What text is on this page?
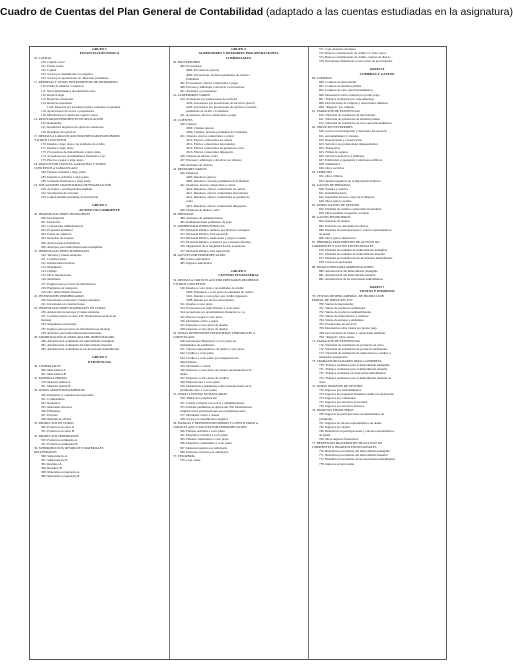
Cuadro de Cuentas del Plan General de Contabilidad (adaptado a las cuentas estudiadas en la asignatura)
GRUPO 1
FINANCIACIÓN BÁSICA
10. CAPITAL
100. Capital social
101. Fondo social
102. Capital
103. Socios por desembolsos no exigidos
104. Socios por aportaciones no dinerarias pendientes
11. RESERVAS Y OTROS INSTRUMENTOS DE PATRIMONIO
110. Prima de emisión o asunción
111. Otros instrumentos de patrimonio neto
112. Reserva legal
113. Reservas voluntarias
114. Reservas especiales
1144. Reservas por acciones propias aceptadas en garantía
118. Aportaciones de socios o propietarios
119. Diferencias por ajuste del capital a euros
12. RESULTADOS PENDIENTES DE APLICACIÓN
120. Remanente
121. Resultados negativos de ejercicios anteriores
129. Resultado del ejercicio
17. DEUDAS A LARGO PLAZO POR PRÉSTAMOS RECIBIDOS
Y OTROS CONCEPTOS
170. Deudas a largo plazo con entidades de crédito
171. Deudas a largo plazo
173. Proveedores de inmovilizado a largo plazo
174. Acreedores por arrendamiento financiero a l.p.
175. Efectos a pagar a largo plazo
18. PASIVOS POR FIANZAS, GARANTÍAS Y OTROS
CONCEPTOS A LARGO PLAZO
180. Fianzas recibidas a largo plazo
185. Depósitos recibidos a largo plazo
189. Garantías financieras a largo plazo
19. SITUACIONES TRANSITORIAS DE FINANCIACIÓN
190. Acciones o participaciones emitidas
192. Suscriptores de acciones
194. Capital emitido pendiente de inscripción
GRUPO 2
ACTIVO NO CORRIENTE
20. INMOVILIZACIONES INTANGIBLES
200. Investigación
201. Desarrollo
202. Concesiones administrativas
203. Propiedad industrial
204. Fondo de comercio
205. Derechos de traspaso
206. Aplicaciones informáticas
209. Anticipos para inmovilizaciones intangibles
21. INMOVILIZACIONES MATERIALES
210. Terrenos y bienes naturales
211. Construcciones
212. Instalaciones técnicas
213. Maquinaria
214. Utillaje
215. Otras instalaciones
216. Mobiliario
217. Equipos para procesos de información
218. Elementos de transporte
219. Otro inmovilizado material
22. INVERSIONES INMOBILIARIAS
220. Inversiones en terrenos y bienes naturales
221. Inversiones en construcciones
23. INMOVILIZACIONES MATERIALES EN CURSO
230. Adaptación de terrenos y bienes naturales
231. Construcciones en curso 232. Instalaciones técnicas en
montaje
233. Maquinaria en montaje
237. Equipos para procesos de información en montaje
239. Anticipos para inmovilizaciones materiales
28. AMORTIZACIÓN ACUMULADA DEL INMOVILIZADO
280. Amortización acumulada del inmovilizado intangible
281. Amortización acumulada del inmovilizado material
282. Amortización acumulada de las inversiones inmobiliarias
GRUPO 3
EXISTENCIAS
30. COMERCIALES
300. Mercaderías A
301. Mercaderías B
31. MATERIAS PRIMAS
310. Materias primas A
311. Materias primas B
32. OTROS APROVISIONAMIENTOS
320. Elementos y conjuntos incorporables
321. Combustibles
322. Repuestos
325. Materiales diversos
326. Embalajes
327. Envases
328. Material de oficina
33. PRODUCTOS EN CURSO
330. Productos en curso A
331. Productos en curso B
35. PRODUCTOS TERMINADOS
350. Productos terminados A
351. Productos terminados B
36. SUBPRODUCTOS, RESIDUOS Y MATERIALES
RECUPERADOS
360. Subproductos A
361. Subproductos B
365. Residuos A
366. Residuos B
368. Materiales recuperados A
369. Materiales recuperados B
GRUPO 4
ACREEDORES Y DEUDORES POR OPERACIONES
COMERCIALES
40. PROVEEDORES
400. Proveedores
4000. Proveedores (euros)
4009. Proveedores, facturas pendientes de recibir o
formalizar
401. Proveedores, efectos comerciales a pagar
406. Envases y embalajes a devolver a proveedores
407. Anticipos a proveedores
41. ACREEDORES VARIOS
410. Acreedores por prestaciones de servicios
4100. Acreedores por prestaciones de servicios (euros)
4109. Acreedores por prestaciones de servicios, facturas
pendientes de recibir o formalizar
411. Acreedores, efectos comerciales a pagar
43. CLIENTES
430. Clientes
4300. Clientes (euros)
4309. Clientes, facturas pendientes de formalizar
431. Clientes, efectos comerciales a cobrar
4310. Efectos comerciales en cartera
4311. Efectos comerciales descontados
4312. Efectos comerciales en gestión de cobro
4315. Efectos comerciales impagados
436. Clientes de dudoso cobro
437. Envases y embalajes a devolver por clientes
438. Anticipos de clientes
44. DEUDORES VARIOS
440. Deudores
4400. Deudores (euros)
4409. Deudores, facturas pendientes de formalizar
441. Deudores, efectos comerciales a cobrar
4410. Deudores, efectos comerciales en cartera
4411. Deudores, efectos comerciales descontados
4412. Deudores, efectos comerciales en gestión de
cobro
4415. Deudores, efectos comerciales impagados
446. Deudores de dudoso cobro
46. PERSONAL
460. Anticipos de remuneraciones
465. Remuneraciones pendientes de pago
47. ADMINISTRACIONES PÚBLICAS
470. Hacienda Pública, deudora por diversos conceptos
472. Hacienda Pública, IVA soportado
473. Hacienda Pública, retenciones y pagos a cuenta
475. Hacienda Pública, acreedora por conceptos fiscales
476. Organismos de la Seguridad Social, acreedores
477. Hacienda Pública, IVA repercutido
48. AJUSTES POR PERIODIFICACIÓN
480. Gastos anticipados
485. Ingresos anticipados
GRUPO 5
CUENTAS FINANCIERAS
52. DEUDAS A CORTO PLAZO POR PRÉSTAMOS RECIBIDOS
Y OTROS CONCEPTOS
520. Deudas a corto plazo con entidades de crédito
5200. Préstamos a corto plazo de entidades de crédito
5201. Deudas a corto plazo por crédito dispuesto
5208. Deudas por efectos descontados
521. Deudas a corto plazo
523. Proveedores de inmovilizado a corto plazo
524. Acreedores por arrendamiento financiero a c.p.
525. Efectos a pagar a corto plazo
526. Dividendo activo a pagar
527. Intereses a corto plazo de deudas
528. Intereses a corto plazo de deudas
54. OTRAS INVERSIONES FINANCIERAS TEMPORALES A
CORTO PLAZO
540. Inversiones financieras a corto plazo en
instrumentos de patrimonio
541. Valores representativos de deuda a corto plazo
542. Créditos a corto plazo
543. Créditos a corto plazo por enajenación de
inmovilizado
545. Dividendo a cobrar
546. Intereses a corto plazo de valores representativos de
deuda
547. Intereses a corto plazo de créditos
548. Imposiciones a corto plazo
549. Desembolsos pendientes sobre participaciones en el
patrimonio neto a corto plazo
55. OTRAS CUENTAS NO BANCARIAS
550. Titular de la explotación
551. Cuenta corriente con socios y administradores
555. Partidas pendientes de aplicación 556. Desembolsos
exigidos sobre participaciones en el patrimonio neto
557. Dividendo activo a cuenta
558. Socios por desembolsos exigidos
56. FIANZAS Y DEPÓSITOS RECIBIDOS Y CONSTITUIDOS A
CORTO PLAZO, Y AJUSTES POR PERIODIFICACIÓN
560. Fianzas recibidas a corto plazo
561. Depósitos recibidos a corto plazo
565. Fianzas constituidas a corto plazo
566. Depósitos constituidos a corto plazo
567. Intereses pagados por anticipado
568. Intereses cobrados por anticipado
57. TESORERÍA
570. Caja, euros
571. Caja, moneda extranjera
572. Bancos e instituciones de crédito c/c vista, euros
574. Bancos e instituciones de crédito, cuentas de ahorro
576. Inversiones financieras a corto plazo de gran liquidez
GRUPO 6
COMPRAS Y GASTOS
60. COMPRAS
600. Compras de mercaderías
601. Compras de materias primas
602. Compras de otros aprovisionamientos
606. Descuentos sobre compras por pronto pago
607. Trabajos realizados por otras empresas
608. Devoluciones de compras y operaciones similares
609. "Rappels" por compras
61. VARIACIÓN DE EXISTENCIAS
610. Variación de existencias de mercaderías
611. Variación de existencias de materias primas
612. Variación de existencias de otros aprovisionamientos
62. SERVICIOS EXTERIORES
620. Gastos en investigación y desarrollo del ejercicio
621. Arrendamientos y cánones
622. Reparaciones y conservación
623. Servicios de profesionales independientes
624. Transportes
625. Primas de seguros
626. Servicios bancarios y similares
627. Publicidad, propaganda y relaciones públicas
628. Suministros
629. Otros servicios
63. TRIBUTOS
631. Otros tributos
634. Ajustes negativos en la imposición indirecta
64. GASTOS DE PERSONAL
640. Sueldos y salarios
641. Indemnizaciones
642. Seguridad Social a cargo de la empresa
649. Otros gastos sociales
65. OTROS GASTOS DE GESTIÓN
650. Pérdidas de créditos comerciales incobrables
659. Otras pérdidas en gestión corriente
66. GASTOS FINANCIEROS
662. Intereses de deudas
665. Intereses por descuento de efectos
666. Pérdidas en participaciones y valores representativos
de deuda
669. Otros gastos financieros
67. PÉRDIDAS PROCEDENTES DE ACTIVOS NO
CORRIENTES Y GASTOS EXCEPCIONALES
670. Pérdidas procedentes del inmovilizado intangible
671. Pérdidas procedentes del inmovilizado material
672. Pérdidas procedentes de las inversiones inmobiliarias
678. Gastos excepcionales
68. DOTACIONES PARA AMORTIZACIONES
680. Amortización del inmovilizado intangible
681. Amortización del inmovilizado material
682. Amortización de las inversiones inmobiliarias
GRUPO 7
VENTAS E INGRESOS
70. VENTAS DE MERCADERÍAS, DE PRODUCCIÓN
PROPIA, DE SERVICIOS, ETC
700. Ventas de mercaderías
701. Ventas de productos terminados
702. Ventas de productos semiterminados
703. Ventas de subproductos y residuos
704. Ventas de envases y embalajes
705. Prestaciones de servicios
706. Descuentos sobre ventas por pronto pago
708. Devoluciones de ventas y operaciones similares
709. "Rappels" sobre ventas
71. VARIACIÓN DE EXISTENCIAS
710. Variación de existencias de productos en curso
712. Variación de existencias de productos terminados
713. Variación de existencias de subproductos, residuos y
materiales recuperados
73. TRABAJOS REALIZADOS PARA LA EMPRESA
730. Trabajos realizados para el inmovilizado intangible
731. Trabajos realizados para el inmovilizado material
732. Trabajos realizados en inversiones inmobiliarias
733. Trabajos realizados para el inmovilizado material en
curso
75. OTROS INGRESOS DE GESTIÓN
752. Ingresos por arrendamientos
753. Ingresos de propiedad industrial cedida en explotación
754. Ingresos por comisiones
755. Ingresos por servicios al personal
759. Ingresos por servicios diversos
76. INGRESOS FINANCIEROS
760. Ingresos de participaciones en instrumentos de
patrimonio
761. Ingresos de valores representativos de deuda
762. Ingresos de créditos
766. Beneficios en participaciones y valores representativos
de deuda
769. Otros ingresos financieros
77. BENEFICIOS PROCEDENTES DE ACTIVOS NO
CORRIENTES E INGRESOS EXCEPCIONALES
770. Beneficios procedentes del inmovilizado intangible
771. Beneficios procedentes del inmovilizado material
772. Beneficios procedentes de las inversiones inmobiliarias
778. Ingresos excepcionales
